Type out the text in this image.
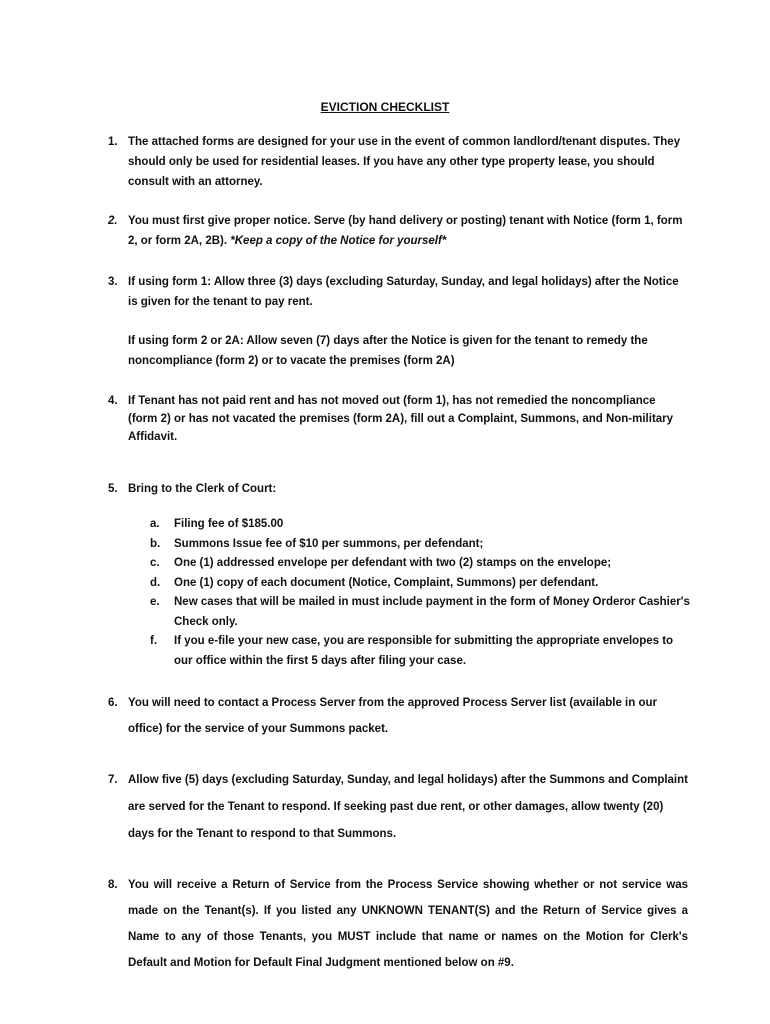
EVICTION CHECKLIST
1. The attached forms are designed for your use in the event of common landlord/tenant disputes. They should only be used for residential leases. If you have any other type property lease, you should consult with an attorney.
2. You must first give proper notice. Serve (by hand delivery or posting) tenant with Notice (form 1, form 2, or form 2A, 2B). *Keep a copy of the Notice for yourself*
3. If using form 1: Allow three (3) days (excluding Saturday, Sunday, and legal holidays) after the Notice is given for the tenant to pay rent.
If using form 2 or 2A: Allow seven (7) days after the Notice is given for the tenant to remedy the noncompliance (form 2) or to vacate the premises (form 2A)
4. If Tenant has not paid rent and has not moved out (form 1), has not remedied the noncompliance (form 2) or has not vacated the premises (form 2A), fill out a Complaint, Summons, and Non-military Affidavit.
5. Bring to the Clerk of Court:
a. Filing fee of $185.00
b. Summons Issue fee of $10 per summons, per defendant;
c. One (1) addressed envelope per defendant with two (2) stamps on the envelope;
d. One (1) copy of each document (Notice, Complaint, Summons) per defendant.
e. New cases that will be mailed in must include payment in the form of Money Orderor Cashier's Check only.
f. If you e-file your new case, you are responsible for submitting the appropriate envelopes to our office within the first 5 days after filing your case.
6. You will need to contact a Process Server from the approved Process Server list (available in our office) for the service of your Summons packet.
7. Allow five (5) days (excluding Saturday, Sunday, and legal holidays) after the Summons and Complaint are served for the Tenant to respond. If seeking past due rent, or other damages, allow twenty (20) days for the Tenant to respond to that Summons.
8. You will receive a Return of Service from the Process Service showing whether or not service was made on the Tenant(s). If you listed any UNKNOWN TENANT(S) and the Return of Service gives a Name to any of those Tenants, you MUST include that name or names on the Motion for Clerk's Default and Motion for Default Final Judgment mentioned below on #9.
